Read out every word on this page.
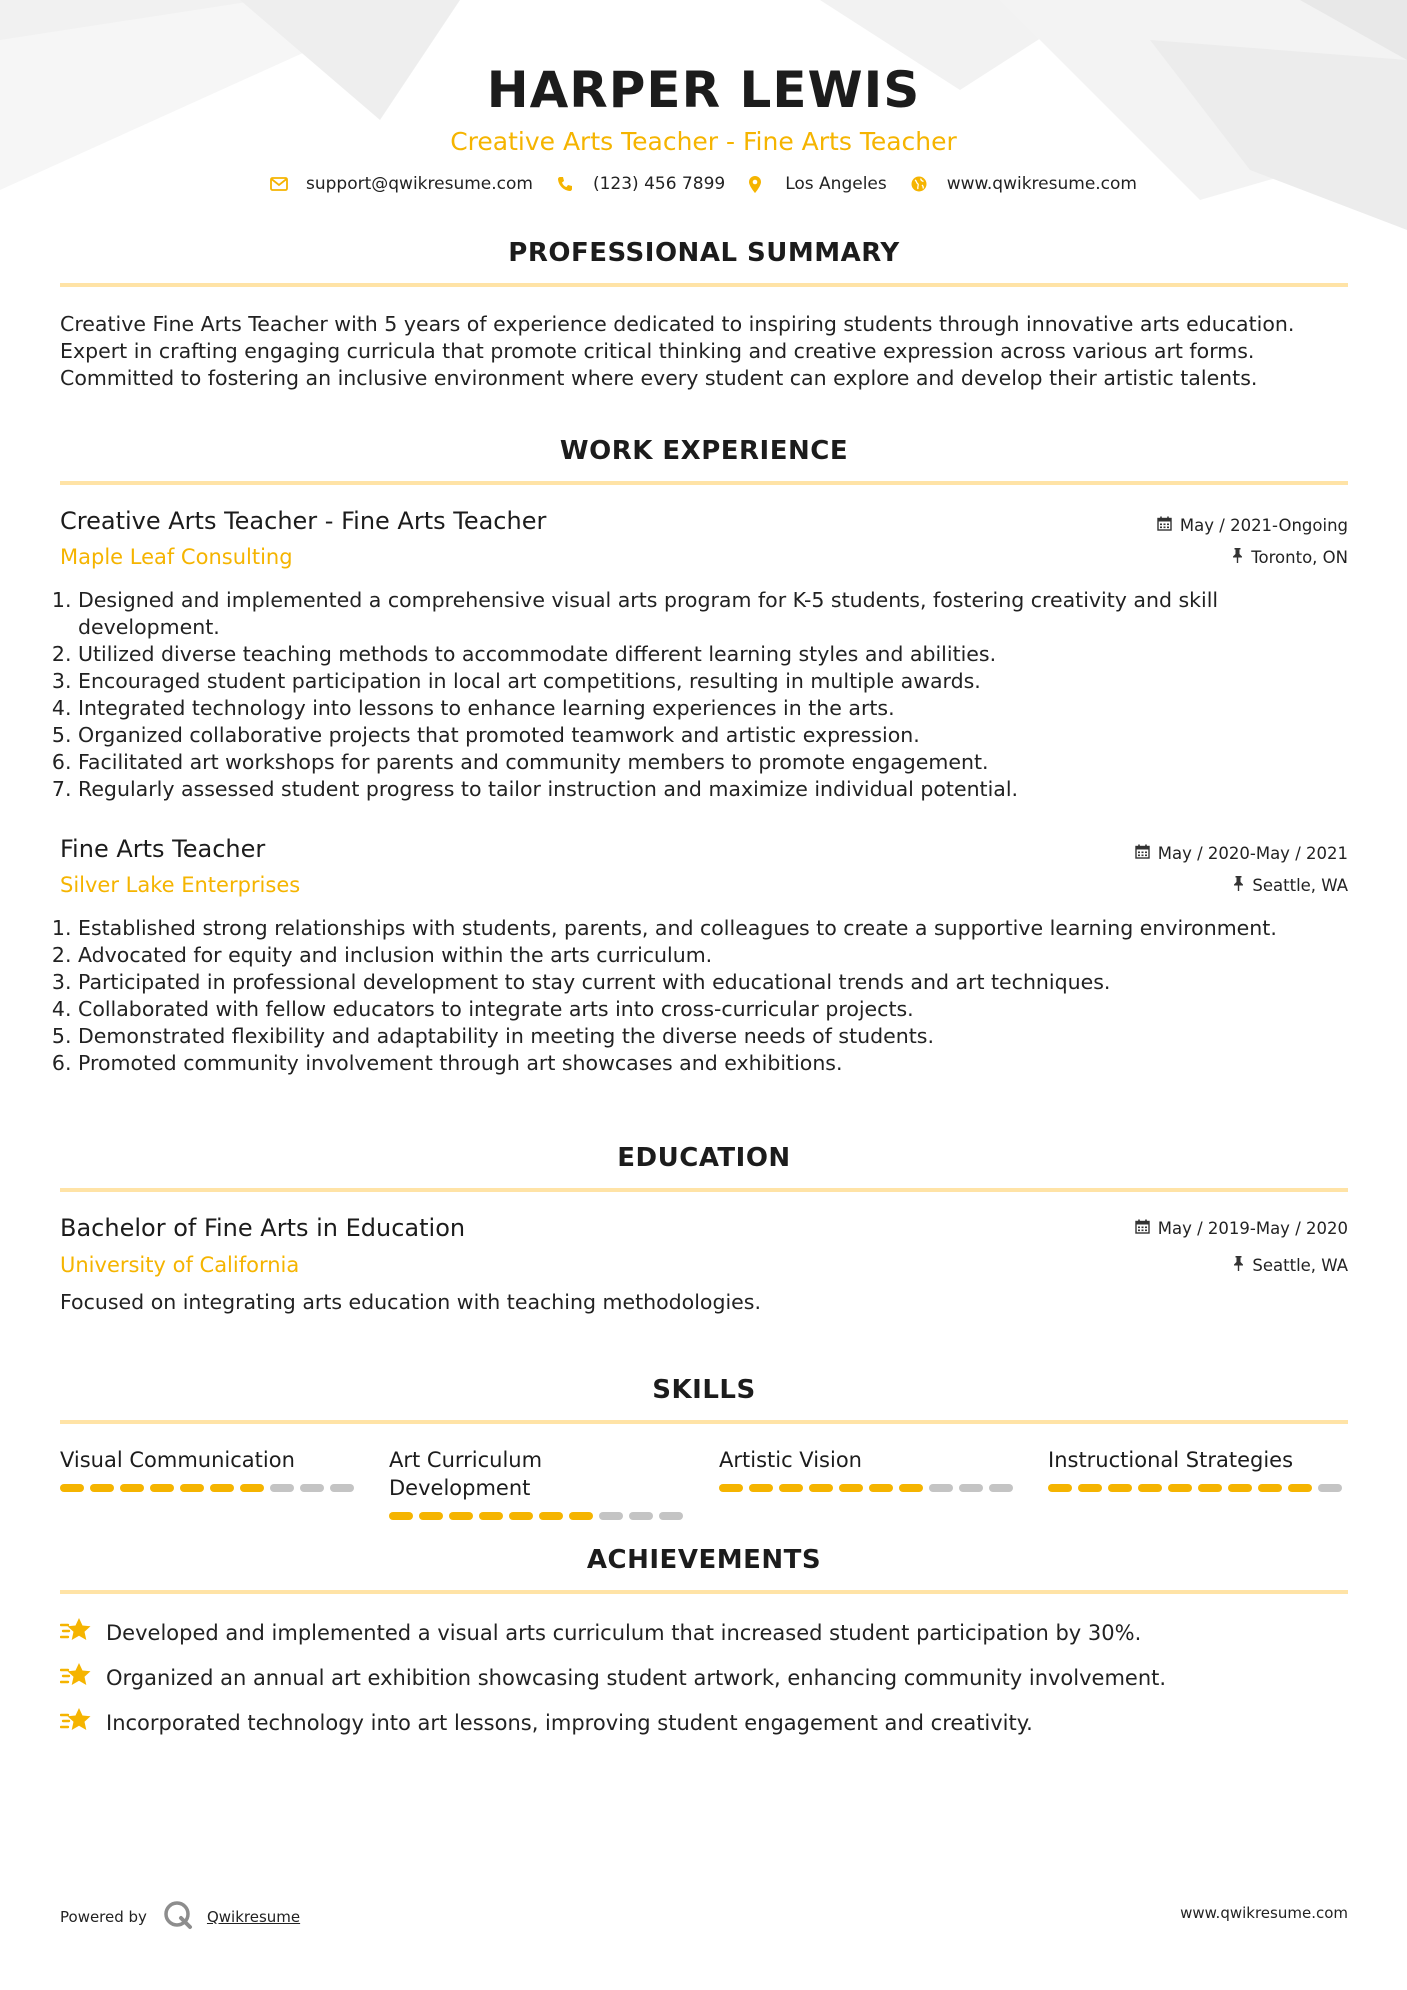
HARPER LEWIS
Creative Arts Teacher - Fine Arts Teacher
support@qwikresume.com	(123) 456 7899	Los Angeles	www.qwikresume.com
PROFESSIONAL SUMMARY
Creative Fine Arts Teacher with 5 years of experience dedicated to inspiring students through innovative arts education. Expert in crafting engaging curricula that promote critical thinking and creative expression across various art forms. Committed to fostering an inclusive environment where every student can explore and develop their artistic talents.
WORK EXPERIENCE
Creative Arts Teacher - Fine Arts Teacher
Maple Leaf Consulting
May / 2021-Ongoing
Toronto, ON
1. Designed and implemented a comprehensive visual arts program for K-5 students, fostering creativity and skill development.
2. Utilized diverse teaching methods to accommodate different learning styles and abilities.
3. Encouraged student participation in local art competitions, resulting in multiple awards.
4. Integrated technology into lessons to enhance learning experiences in the arts.
5. Organized collaborative projects that promoted teamwork and artistic expression.
6. Facilitated art workshops for parents and community members to promote engagement.
7. Regularly assessed student progress to tailor instruction and maximize individual potential.
Fine Arts Teacher
Silver Lake Enterprises
May / 2020-May / 2021
Seattle, WA
1. Established strong relationships with students, parents, and colleagues to create a supportive learning environment.
2. Advocated for equity and inclusion within the arts curriculum.
3. Participated in professional development to stay current with educational trends and art techniques.
4. Collaborated with fellow educators to integrate arts into cross-curricular projects.
5. Demonstrated flexibility and adaptability in meeting the diverse needs of students.
6. Promoted community involvement through art showcases and exhibitions.
EDUCATION
Bachelor of Fine Arts in Education
University of California
May / 2019-May / 2020
Seattle, WA
Focused on integrating arts education with teaching methodologies.
SKILLS
Visual Communication	Art Curriculum Development
Artistic Vision	Instructional Strategies
ACHIEVEMENTS
Developed and implemented a visual arts curriculum that increased student participation by 30%.
Organized an annual art exhibition showcasing student artwork, enhancing community involvement.
Incorporated technology into art lessons, improving student engagement and creativity.
Powered by	Qwikresume	www.qwikresume.com
